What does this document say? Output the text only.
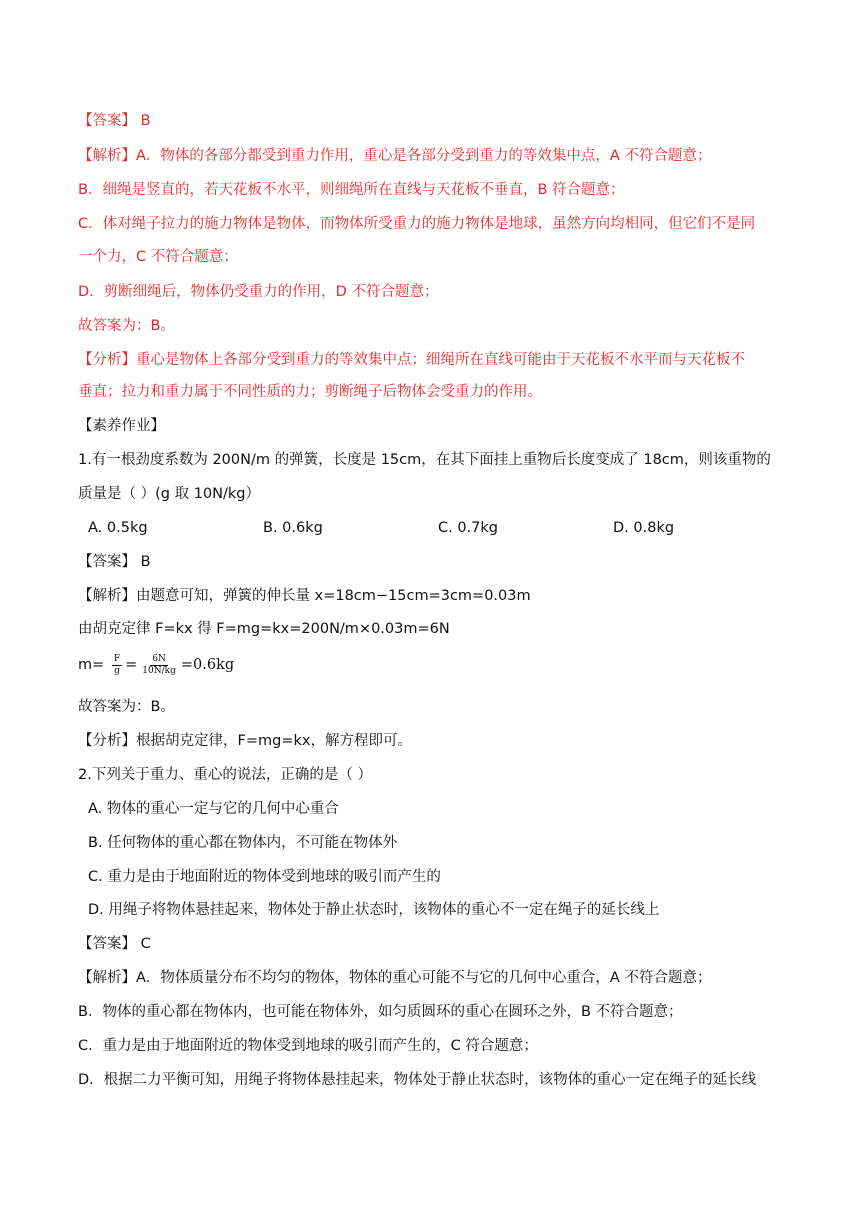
【答案】 B
【解析】A．物体的各部分都受到重力作用，重心是各部分受到重力的等效集中点，A 不符合题意；
B．细绳是竖直的，若天花板不水平，则细绳所在直线与天花板不垂直，B 符合题意；
C．体对绳子拉力的施力物体是物体，而物体所受重力的施力物体是地球，虽然方向均相同，但它们不是同
一个力，C 不符合题意；
D．剪断细绳后，物体仍受重力的作用，D 不符合题意；
故答案为：B。
【分析】重心是物体上各部分受到重力的等效集中点；细绳所在直线可能由于天花板不水平而与天花板不
垂直；拉力和重力属于不同性质的力；剪断绳子后物体会受重力的作用。
【素养作业】
1.有一根劲度系数为 200N/m 的弹簧，长度是 15cm，在其下面挂上重物后长度变成了 18cm，则该重物的
质量是（ ）(g 取 10N/kg）
A. 0.5kg	B. 0.6kg	C. 0.7kg	D. 0.8kg
【答案】 B
【解析】由题意可知，弹簧的伸长量 x=18cm−15cm=3cm=0.03m
由胡克定律 F=kx 得 F=mg=kx=200N/m×0.03m=6N
$m= \frac{F}{g} = \frac{6N}{10N/kg} =0.6kg$
故答案为：B。
【分析】根据胡克定律，F=mg=kx，解方程即可。
2.下列关于重力、重心的说法，正确的是（ ）
A. 物体的重心一定与它的几何中心重合
B. 任何物体的重心都在物体内，不可能在物体外
C. 重力是由于地面附近的物体受到地球的吸引而产生的
D. 用绳子将物体悬挂起来，物体处于静止状态时，该物体的重心不一定在绳子的延长线上
【答案】 C
【解析】A．物体质量分布不均匀的物体，物体的重心可能不与它的几何中心重合，A 不符合题意；
B．物体的重心都在物体内，也可能在物体外，如匀质圆环的重心在圆环之外，B 不符合题意；
C．重力是由于地面附近的物体受到地球的吸引而产生的，C 符合题意；
D．根据二力平衡可知，用绳子将物体悬挂起来，物体处于静止状态时，该物体的重心一定在绳子的延长线
